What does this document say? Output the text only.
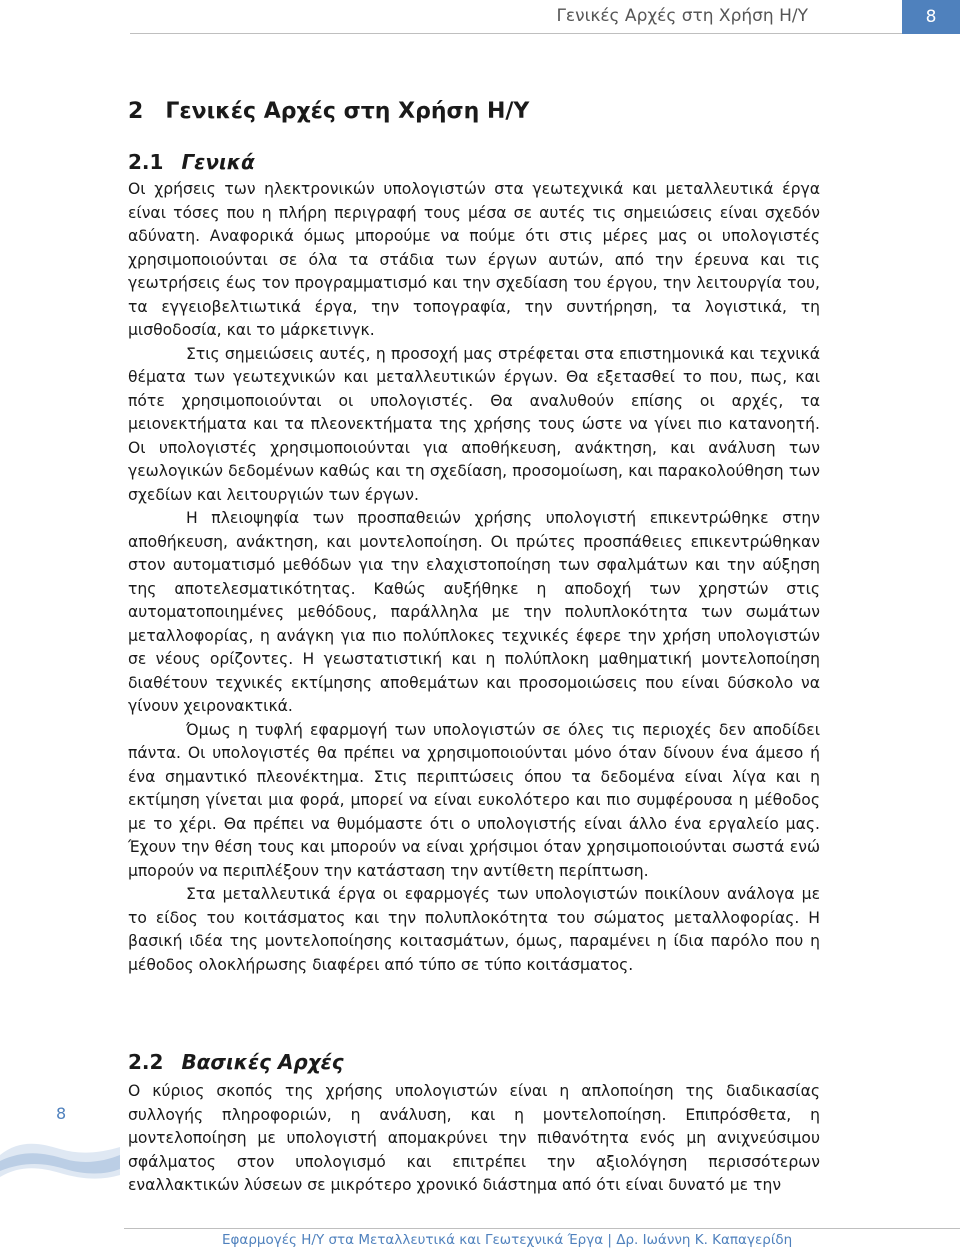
Γενικές Αρχές στη Χρήση Η/Υ	8
2 Γενικές Αρχές στη Χρήση Η/Υ
2.1 Γενικά

Οι χρήσεις των ηλεκτρονικών υπολογιστών στα γεωτεχνικά και μεταλλευτικά έργα είναι τόσες που η πλήρη περιγραφή τους μέσα σε αυτές τις σημειώσεις είναι σχεδόν αδύνατη. Αναφορικά όμως μπορούμε να πούμε ότι στις μέρες μας οι υπολογιστές χρησιμοποιούνται σε όλα τα στάδια των έργων αυτών, από την έρευνα και τις γεωτρήσεις έως τον προγραμματισμό και την σχεδίαση του έργου, την λειτουργία του, τα εγγειοβελτιωτικά έργα, την τοπογραφία, την συντήρηση, τα λογιστικά, τη μισθοδοσία, και το μάρκετινγκ.

Στις σημειώσεις αυτές, η προσοχή μας στρέφεται στα επιστημονικά και τεχνικά θέματα των γεωτεχνικών και μεταλλευτικών έργων. Θα εξετασθεί το που, πως, και πότε χρησιμοποιούνται οι υπολογιστές. Θα αναλυθούν επίσης οι αρχές, τα μειονεκτήματα και τα πλεονεκτήματα της χρήσης τους ώστε να γίνει πιο κατανοητή. Οι υπολογιστές χρησιμοποιούνται για αποθήκευση, ανάκτηση, και ανάλυση των γεωλογικών δεδομένων καθώς και τη σχεδίαση, προσομοίωση, και παρακολούθηση των σχεδίων και λειτουργιών των έργων.

Η πλειοψηφία των προσπαθειών χρήσης υπολογιστή επικεντρώθηκε στην αποθήκευση, ανάκτηση, και μοντελοποίηση. Οι πρώτες προσπάθειες επικεντρώθηκαν στον αυτοματισμό μεθόδων για την ελαχιστοποίηση των σφαλμάτων και την αύξηση της αποτελεσματικότητας. Καθώς αυξήθηκε η αποδοχή των χρηστών στις αυτοματοποιημένες μεθόδους, παράλληλα με την πολυπλοκότητα των σωμάτων μεταλλοφορίας, η ανάγκη για πιο πολύπλοκες τεχνικές έφερε την χρήση υπολογιστών σε νέους ορίζοντες. Η γεωστατιστική και η πολύπλοκη μαθηματική μοντελοποίηση διαθέτουν τεχνικές εκτίμησης αποθεμάτων και προσομοιώσεις που είναι δύσκολο να γίνουν χειρονακτικά.

Όμως η τυφλή εφαρμογή των υπολογιστών σε όλες τις περιοχές δεν αποδίδει πάντα. Οι υπολογιστές θα πρέπει να χρησιμοποιούνται μόνο όταν δίνουν ένα άμεσο ή ένα σημαντικό πλεονέκτημα. Στις περιπτώσεις όπου τα δεδομένα είναι λίγα και η εκτίμηση γίνεται μια φορά, μπορεί να είναι ευκολότερο και πιο συμφέρουσα η μέθοδος με το χέρι. Θα πρέπει να θυμόμαστε ότι ο υπολογιστής είναι άλλο ένα εργαλείο μας. Έχουν την θέση τους και μπορούν να είναι χρήσιμοι όταν χρησιμοποιούνται σωστά ενώ μπορούν να περιπλέξουν την κατάσταση την αντίθετη περίπτωση.

Στα μεταλλευτικά έργα οι εφαρμογές των υπολογιστών ποικίλουν ανάλογα με το είδος του κοιτάσματος και την πολυπλοκότητα του σώματος μεταλλοφορίας. Η βασική ιδέα της μοντελοποίησης κοιτασμάτων, όμως, παραμένει η ίδια παρόλο που η μέθοδος ολοκλήρωσης διαφέρει από τύπο σε τύπο κοιτάσματος.

2.2 Βασικές Αρχές

Ο κύριος σκοπός της χρήσης υπολογιστών είναι η απλοποίηση της διαδικασίας συλλογής πληροφοριών, η ανάλυση, και η μοντελοποίηση. Επιπρόσθετα, η μοντελοποίηση με υπολογιστή απομακρύνει την πιθανότητα ενός μη ανιχνεύσιμου σφάλματος στον υπολογισμό και επιτρέπει την αξιολόγηση περισσότερων εναλλακτικών λύσεων σε μικρότερο χρονικό διάστημα από ότι είναι δυνατό με την

8
Εφαρμογές Η/Υ στα Μεταλλευτικά και Γεωτεχνικά Έργα | Δρ. Ιωάννη Κ. Καπαγερίδη
